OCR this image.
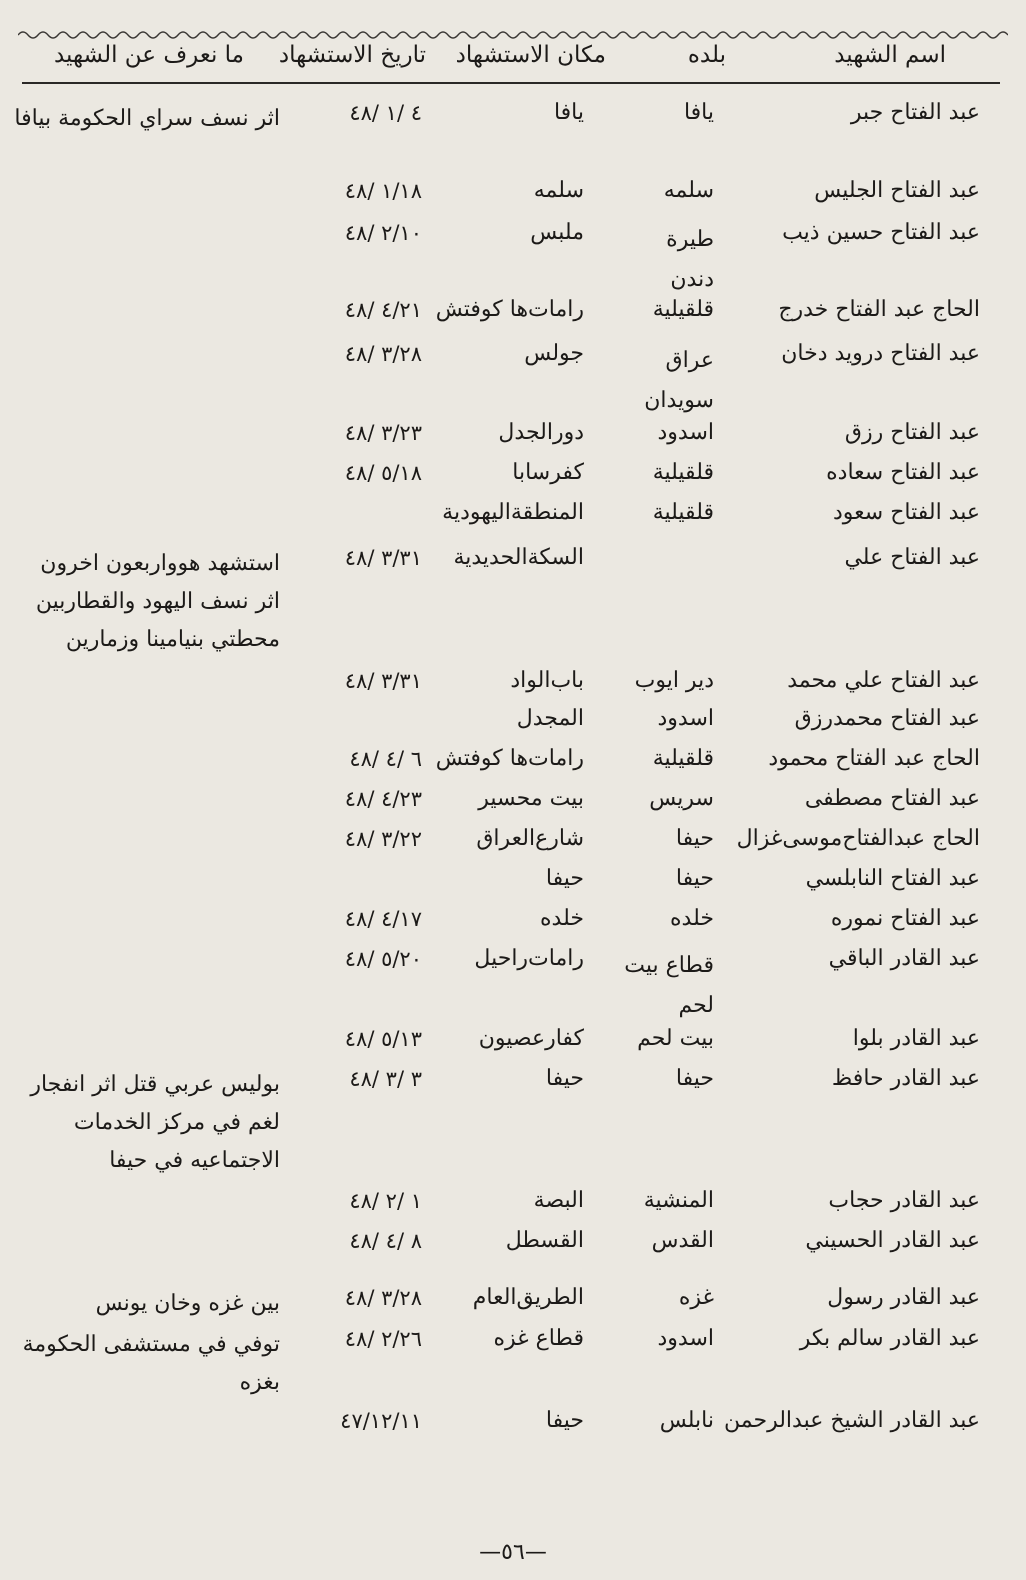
اسم الشهيد
بلده
مكان الاستشهاد
تاريخ الاستشهاد
ما نعرف عن الشهيد
عبد الفتاح جبر
يافا
يافا
٤ /١ /٤٨
اثر نسف سراي الحكومة بيافا
عبد الفتاح الجليس
سلمه
سلمه
١/١٨ /٤٨
عبد الفتاح حسين ذيب
طيرة دندن
ملبس
٢/١٠ /٤٨
الحاج عبد الفتاح خدرج
قلقيلية
رامات‌ها كوفتش
٤/٢١ /٤٨
عبد الفتاح درويد دخان
عراق سويدان
جولس
٣/٢٨ /٤٨
عبد الفتاح رزق
اسدود
دورالجدل
٣/٢٣ /٤٨
عبد الفتاح سعاده
قلقيلية
كفرسابا
٥/١٨ /٤٨
عبد الفتاح سعود
قلقيلية
المنطقةاليهودية
عبد الفتاح علي
السكةالحديدية
٣/٣١ /٤٨
استشهد هوواربعون اخرون اثر نسف اليهود والقطاربين محطتي بنيامينا وزمارين
عبد الفتاح علي محمد
دير ايوب
باب‌الواد
٣/٣١ /٤٨
عبد الفتاح محمدرزق
اسدود
المجدل
الحاج عبد الفتاح محمود
قلقيلية
رامات‌ها كوفتش
٦ /٤ /٤٨
عبد الفتاح مصطفى
سريس
بيت محسير
٤/٢٣ /٤٨
الحاج عبدالفتاح‌موسى‌غزال
حيفا
شارع‌العراق
٣/٢٢ /٤٨
عبد الفتاح النابلسي
حيفا
حيفا
عبد الفتاح نموره
خلده
خلده
٤/١٧ /٤٨
عبد القادر الباقي
قطاع بيت لحم
رامات‌راحيل
٥/٢٠ /٤٨
عبد القادر بلوا
بيت لحم
كفارعصيون
٥/١٣ /٤٨
عبد القادر حافظ
حيفا
حيفا
٣ /٣ /٤٨
بوليس عربي قتل اثر انفجار لغم في مركز الخدمات الاجتماعيه في حيفا
عبد القادر حجاب
المنشية
البصة
١ /٢ /٤٨
عبد القادر الحسيني
القدس
القسطل
٨ /٤ /٤٨
عبد القادر رسول
غزه
الطريق‌العام
٣/٢٨ /٤٨
بين غزه وخان يونس
عبد القادر سالم بكر
اسدود
قطاع غزه
٢/٢٦ /٤٨
توفي في مستشفى الحكومة بغزه
عبد القادر الشيخ عبدالرحمن
نابلس
حيفا
٤٧/١٢/١١
—٥٦—
